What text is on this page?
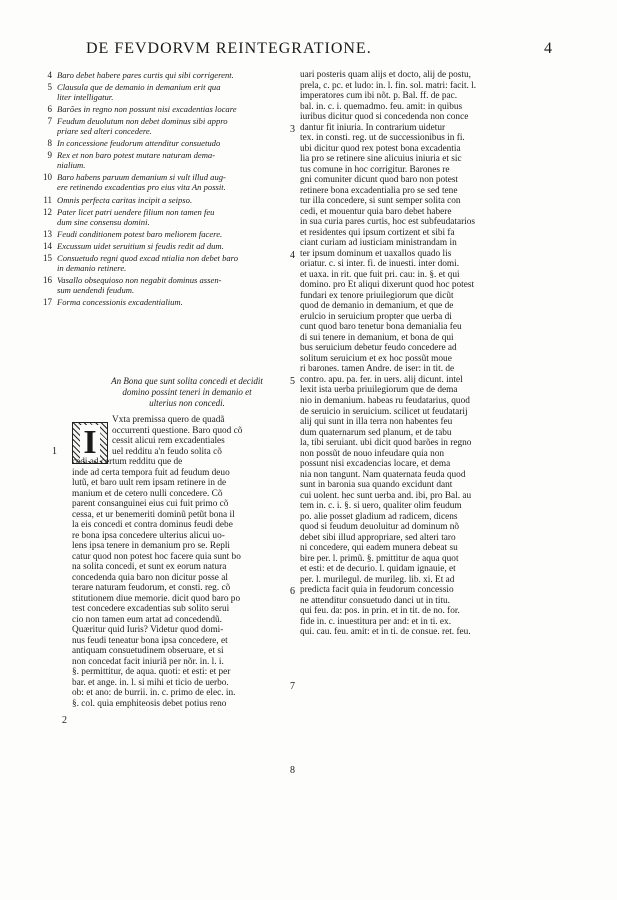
DE FEVDORVM REINTEGRATIONE.	4
4 Baro debet habere pares curtis qui sibi corrigerent.
5 Clausula que de demanio in demanium erit qua
liter intelligatur.
6 Barões in regno non possunt nisi excadentias locare
7 Feudum deuolutum non debet dominus sibi appro
priare sed alteri concedere.
8 In concessione feudorum attenditur consuetudo
9 Rex et non baro potest mutare naturam dema-
nialium.
10 Baro habens paruum demanium si vult illud aug-
ere retinendo excadentias pro eius vita An possit.
11 Omnis perfecta caritas incipit a seipso.
12 Pater licet patri uendere filium non tamen feu
dum sine consensu domini.
13 Feudi conditionem potest baro meliorem facere.
14 Excussum uidet seruitium si feudis redit ad dum.
15 Consuetudo regni quod excad ntialia non debet baro
in demanio retinere.
16 Vasallo obsequioso non negabit dominus assen-
sum uendendi feudum.
17 Forma concessionis excadentialium.
An Bona que sunt solita concedi et decidit
domino possint teneri in demanio et
ulterius non concedi.
I
Vxta premissa quero de quadã
occurrenti questione. Baro quod cõ
cessit alicui rem excadentiales
uel redditu a'n feudo solita cõ
cedi ad certum redditu que de
inde ad certa tempora fuit ad feudum deuo
lutũ, et baro uult rem ipsam retinere in de
manium et de cetero nulli concedere. Cõ
parent consanguinei eius cui fuit primo cõ
cessa, et ur benemeriti dominũ petũt bona il
la eis concedi et contra dominus feudi debe
re bona ipsa concedere ulterius alicui uo-
lens ipsa tenere in demanium pro se. Repli
catur quod non potest hoc facere quia sunt bo
na solita concedi, et sunt ex eorum natura
concedenda quia baro non dicitur posse al
terare naturam feudorum, et consti. reg. cõ
stitutionem diue memorie. dicit quod baro po
test concedere excadentias sub solito serui
cio non tamen eum artat ad concedendũ.
Quæritur quid Iuris? Videtur quod domi-
nus feudi teneatur bona ipsa concedere, et
antiquam consuetudinem obseruare, et si
non concedat facit iniuriã per nõr. in. l. i.
§. permittitur, de aqua. quoti: et esti: et per
bar. et ange. in. l. si mihi et ticio de uerbo.
ob: et ano: de burrii. in. c. primo de elec. in.
§. col. quia emphiteosis debet potius reno
1
2
uari posteris quam alijs et docto, alij de postu,
prela, c. pc. et ludo: in. l. fin. sol. matri: facit. l.
imperatores cum ibi nõt. p. Bal. ff. de pac.
bal. in. c. i. quemadmo. feu. amit: in quibus
iuribus dicitur quod si concedenda non conce
dantur fit iniuria. In contrarium uidetur
tex. in consti. reg. ut de successionibus in fi.
ubi dicitur quod rex potest bona excadentia
lia pro se retinere sine alicuius iniuria et sic
tus comune in hoc corrigitur. Barones re
gni comuniter dicunt quod baro non potest
retinere bona excadentialia pro se sed tene
tur illa concedere, si sunt semper solita con
cedi, et mouentur quia baro debet habere
in sua curia pares curtis, hoc est subfeudatarios
et residentes qui ipsum cortizent et sibi fa
ciant curiam ad iusticiam ministrandam in
ter ipsum dominum et uaxallos quado lis
oriatur. c. si inter. fi. de inuesti. inter domi.
et uaxa. in rit. que fuit pri. cau: in. §. et qui
domino. pro Et aliqui dixerunt quod hoc potest
fundari ex tenore priuilegiorum que dicũt
quod de demanio in demanium, et que de
erulcio in seruicium propter que uerba di
cunt quod baro tenetur bona demanialia feu
di sui tenere in demanium, et bona de qui
bus seruicium debetur feudo concedere ad
solitum seruicium et ex hoc possũt moue
ri barones. tamen Andre. de iser: in tit. de
contro. apu. pa. fer. in uers. alij dicunt. intel
lexit ista uerba priuilegiorum que de dema
nio in demanium. habeas ru feudatarius, quod
de seruicio in seruicium. scilicet ut feudatarij
alij qui sunt in illa terra non habentes feu
dum quaternarum sed planum, et de tabu
la, tibi seruiant. ubi dicit quod barões in regno
non possũt de nouo infeudare quia non
possunt nisi excadencias locare, et dema
nia non tangunt. Nam quaternata feuda quod
sunt in baronia sua quando excidunt dant
cui uolent. hec sunt uerba and. ibi, pro Bal. au
tem in. c. i. §. si uero, qualiter olim feudum
po. alie posset gladium ad radicem, dicens
quod si feudum deuoluitur ad dominum nõ
debet sibi illud appropriare, sed alteri taro
ni concedere, qui eadem munera debeat su
bire per. l. primũ. §. pmittitur de aqua quot
et esti: et de decurio. l. quidam ignauie, et
per. l. murilegul. de murileg. lib. xi. Et ad
predicta facit quia in feudorum concessio
ne attenditur consuetudo danci ut in titu.
qui feu. da: pos. in prin. et in tit. de no. for.
fide in. c. inuestitura per and: et in ti. ex.
qui. cau. feu. amit: et in ti. de consue. ret. feu.
3
4
5
6
7
8
